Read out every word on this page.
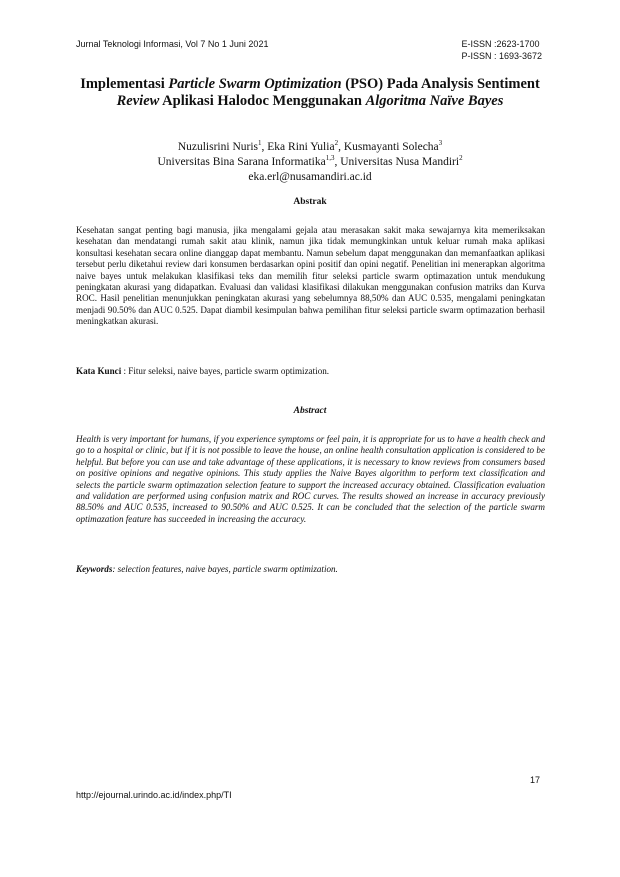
Jurnal Teknologi Informasi, Vol 7 No 1 Juni 2021	E-ISSN :2623-1700
P-ISSN : 1693-3672
Implementasi Particle Swarm Optimization (PSO) Pada Analysis Sentiment
Review Aplikasi Halodoc Menggunakan Algoritma Naïve Bayes
Nuzulisrini Nuris$^1$, Eka Rini Yulia$^2$, Kusmayanti Solecha$^3$
Universitas Bina Sarana Informatika$^{1,3}$, Universitas Nusa Mandiri$^2$
eka.erl@nusamandiri.ac.id
Abstrak
Kesehatan sangat penting bagi manusia, jika mengalami gejala atau merasakan sakit maka sewajarnya kita memeriksakan kesehatan dan mendatangi rumah sakit atau klinik, namun jika tidak memungkinkan untuk keluar rumah maka aplikasi konsultasi kesehatan secara online dianggap dapat membantu. Namun sebelum dapat menggunakan dan memanfaatkan aplikasi tersebut perlu diketahui review dari konsumen berdasarkan opini positif dan opini negatif. Penelitian ini menerapkan algoritma naive bayes untuk melakukan klasifikasi teks dan memilih fitur seleksi particle swarm optimazation untuk mendukung peningkatan akurasi yang didapatkan. Evaluasi dan validasi klasifikasi dilakukan menggunakan confusion matriks dan Kurva ROC. Hasil penelitian menunjukkan peningkatan akurasi yang sebelumnya 88,50% dan AUC 0.535, mengalami peningkatan menjadi 90.50% dan AUC 0.525. Dapat diambil kesimpulan bahwa pemilihan fitur seleksi particle swarm optimazation berhasil meningkatkan akurasi.
Kata Kunci : Fitur seleksi, naive bayes, particle swarm optimization.
Abstract
Health is very important for humans, if you experience symptoms or feel pain, it is appropriate for us to have a health check and go to a hospital or clinic, but if it is not possible to leave the house, an online health consultation application is considered to be helpful. But before you can use and take advantage of these applications, it is necessary to know reviews from consumers based on positive opinions and negative opinions. This study applies the Naive Bayes algorithm to perform text classification and selects the particle swarm optimazation selection feature to support the increased accuracy obtained. Classification evaluation and validation are performed using confusion matrix and ROC curves. The results showed an increase in accuracy previously 88.50% and AUC 0.535, increased to 90.50% and AUC 0.525. It can be concluded that the selection of the particle swarm optimazation feature has succeeded in increasing the accuracy.
Keywords: selection features, naive bayes, particle swarm optimization.
17
http://ejournal.urindo.ac.id/index.php/TI
